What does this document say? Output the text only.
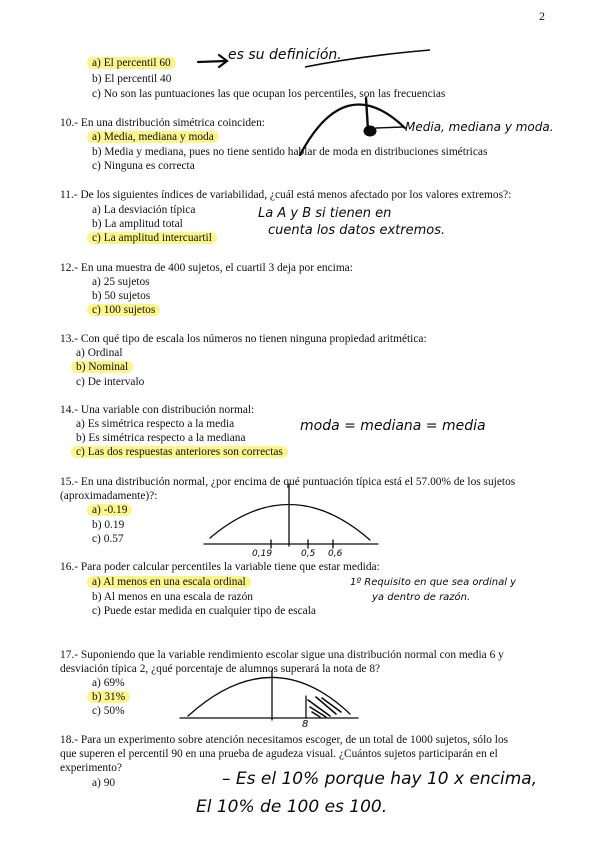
2
a) El percentil 60
b) El percentil 40
c) No son las puntuaciones las que ocupan los percentiles, son las frecuencias
es su definición.
10.- En una distribución simétrica coinciden:
a) Media, mediana y moda
b) Media y mediana, pues no tiene sentido hablar de moda en distribuciones simétricas
c) Ninguna es correcta
Media, mediana y moda.
11.- De los siguientes índices de variabilidad, ¿cuál está menos afectado por los valores extremos?:
a) La desviación típica
b) La amplitud total
c) La amplitud intercuartil
La A y B si tienen en
cuenta los datos extremos.
12.- En una muestra de 400 sujetos, el cuartil 3 deja por encima:
a) 25 sujetos
b) 50 sujetos
c) 100 sujetos
13.- Con qué tipo de escala los números no tienen ninguna propiedad aritmética:
a) Ordinal
b) Nominal
c) De intervalo
14.- Una variable con distribución normal:
a) Es simétrica respecto a la media
b) Es simétrica respecto a la mediana
c) Las dos respuestas anteriores son correctas
moda = mediana = media
15.- En una distribución normal, ¿por encima de qué puntuación típica está el 57.00% de los sujetos
(aproximadamente)?:
a) -0.19
b) 0.19
c) 0.57
0,19	0,5 0,6
16.- Para poder calcular percentiles la variable tiene que estar medida:
a) Al menos en una escala ordinal
b) Al menos en una escala de razón
c) Puede estar medida en cualquier tipo de escala
1º Requisito en que sea ordinal y
ya dentro de razón.
17.- Suponiendo que la variable rendimiento escolar sigue una distribución normal con media 6 y
desviación típica 2, ¿qué porcentaje de alumnos superará la nota de 8?
a) 69%
b) 31%
c) 50%
8
18.- Para un experimento sobre atención necesitamos escoger, de un total de 1000 sujetos, sólo los
que superen el percentil 90 en una prueba de agudeza visual. ¿Cuántos sujetos participarán en el
experimento?
a) 90	– Es el 10% porque hay 10 x encima,
El 10% de 100 es 100.
